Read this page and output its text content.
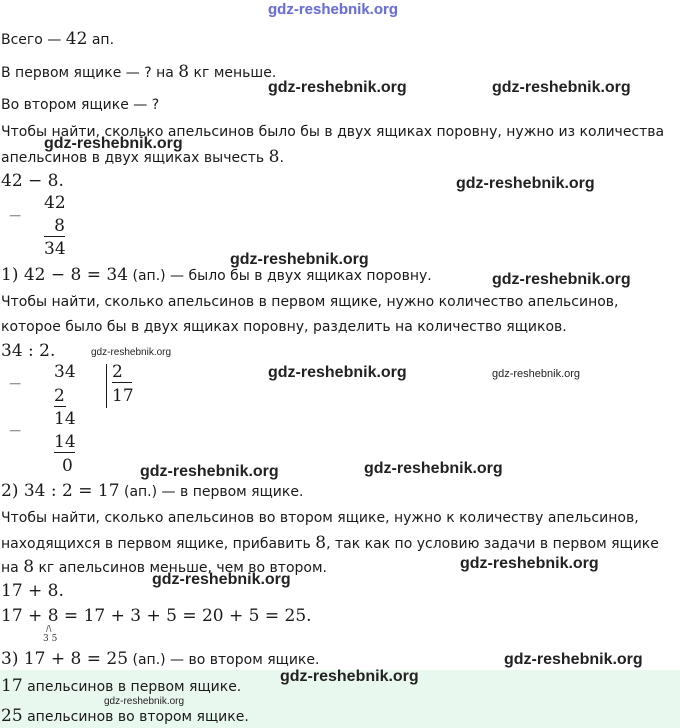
gdz-reshebnik.org
Всего — 42 ап.
В первом ящике — ? на 8 кг меньше.
Во втором ящике — ?
Чтобы найти, сколько апельсинов было бы в двух ящиках поровну, нужно из количества
апельсинов в двух ящиках вычесть 8.
42 − 8.
−
42
8
34
1) 42 − 8 = 34 (ап.) — было бы в двух ящиках поровну.
Чтобы найти, сколько апельсинов в первом ящике, нужно количество апельсинов,
которое было бы в двух ящиках поровну, разделить на количество ящиков.
34 : 2.
−
−
34 2
17
2
14
14
0
2) 34 : 2 = 17 (ап.) — в первом ящике.
Чтобы найти, сколько апельсинов во втором ящике, нужно к количеству апельсинов,
находящихся в первом ящике, прибавить 8, так как по условию задачи в первом ящике
на 8 кг апельсинов меньше, чем во втором.
17 + 8.
17 + 8 = 17 + 3 + 5 = 20 + 5 = 25.
/\
3 5
3) 17 + 8 = 25 (ап.) — во втором ящике.
17 апельсинов в первом ящике.
25 апельсинов во втором ящике.
gdz-reshebnik.org	gdz-reshebnik.org
gdz-reshebnik.org
gdz-reshebnik.org
gdz-reshebnik.org
gdz-reshebnik.org
gdz-reshebnik.org
gdz-reshebnik.org	gdz-reshebnik.org
gdz-reshebnik.org	gdz-reshebnik.org
gdz-reshebnik.org
gdz-reshebnik.org
gdz-reshebnik.org
gdz-reshebnik.org
gdz-reshebnik.org
